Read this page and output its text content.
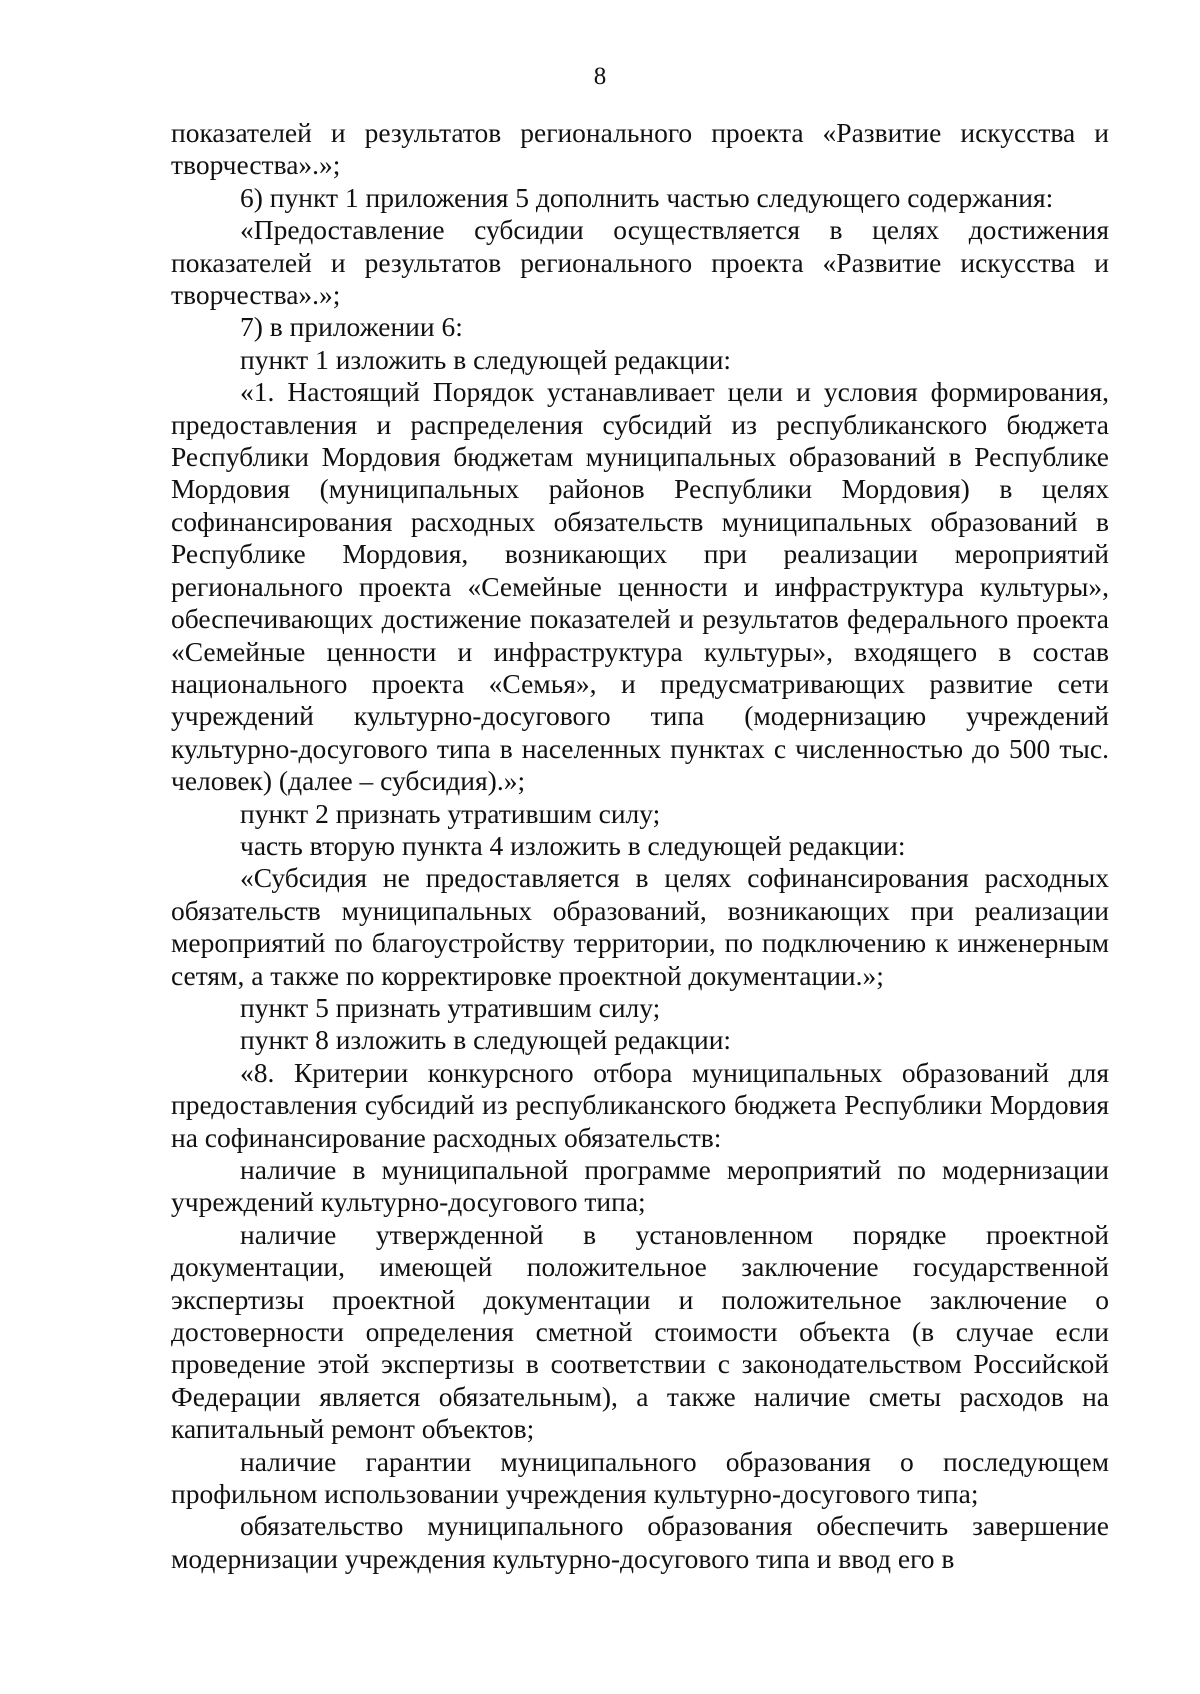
8

показателей и результатов регионального проекта «Развитие искусства и творчества».»;

6) пункт 1 приложения 5 дополнить частью следующего содержания:

«Предоставление субсидии осуществляется в целях достижения показателей и результатов регионального проекта «Развитие искусства и творчества».»;

7) в приложении 6:

пункт 1 изложить в следующей редакции:

«1. Настоящий Порядок устанавливает цели и условия формирования, предоставления и распределения субсидий из республиканского бюджета Республики Мордовия бюджетам муниципальных образований в Республике Мордовия (муниципальных районов Республики Мордовия) в целях софинансирования расходных обязательств муниципальных образований в Республике Мордовия, возникающих при реализации мероприятий регионального проекта «Семейные ценности и инфраструктура культуры», обеспечивающих достижение показателей и результатов федерального проекта «Семейные ценности и инфраструктура культуры», входящего в состав национального проекта «Семья», и предусматривающих развитие сети учреждений культурно-досугового типа (модернизацию учреждений культурно-досугового типа в населенных пунктах с численностью до 500 тыс. человек) (далее – субсидия).»;

пункт 2 признать утратившим силу;

часть вторую пункта 4 изложить в следующей редакции:

«Субсидия не предоставляется в целях софинансирования расходных обязательств муниципальных образований, возникающих при реализации мероприятий по благоустройству территории, по подключению к инженерным сетям, а также по корректировке проектной документации.»;

пункт 5 признать утратившим силу;

пункт 8 изложить в следующей редакции:

«8. Критерии конкурсного отбора муниципальных образований для предоставления субсидий из республиканского бюджета Республики Мордовия на софинансирование расходных обязательств:

наличие в муниципальной программе мероприятий по модернизации учреждений культурно-досугового типа;

наличие утвержденной в установленном порядке проектной документации, имеющей положительное заключение государственной экспертизы проектной документации и положительное заключение о достоверности определения сметной стоимости объекта (в случае если проведение этой экспертизы в соответствии с законодательством Российской Федерации является обязательным), а также наличие сметы расходов на капитальный ремонт объектов;

наличие гарантии муниципального образования о последующем профильном использовании учреждения культурно-досугового типа;

обязательство муниципального образования обеспечить завершение модернизации учреждения культурно-досугового типа и ввод его в
